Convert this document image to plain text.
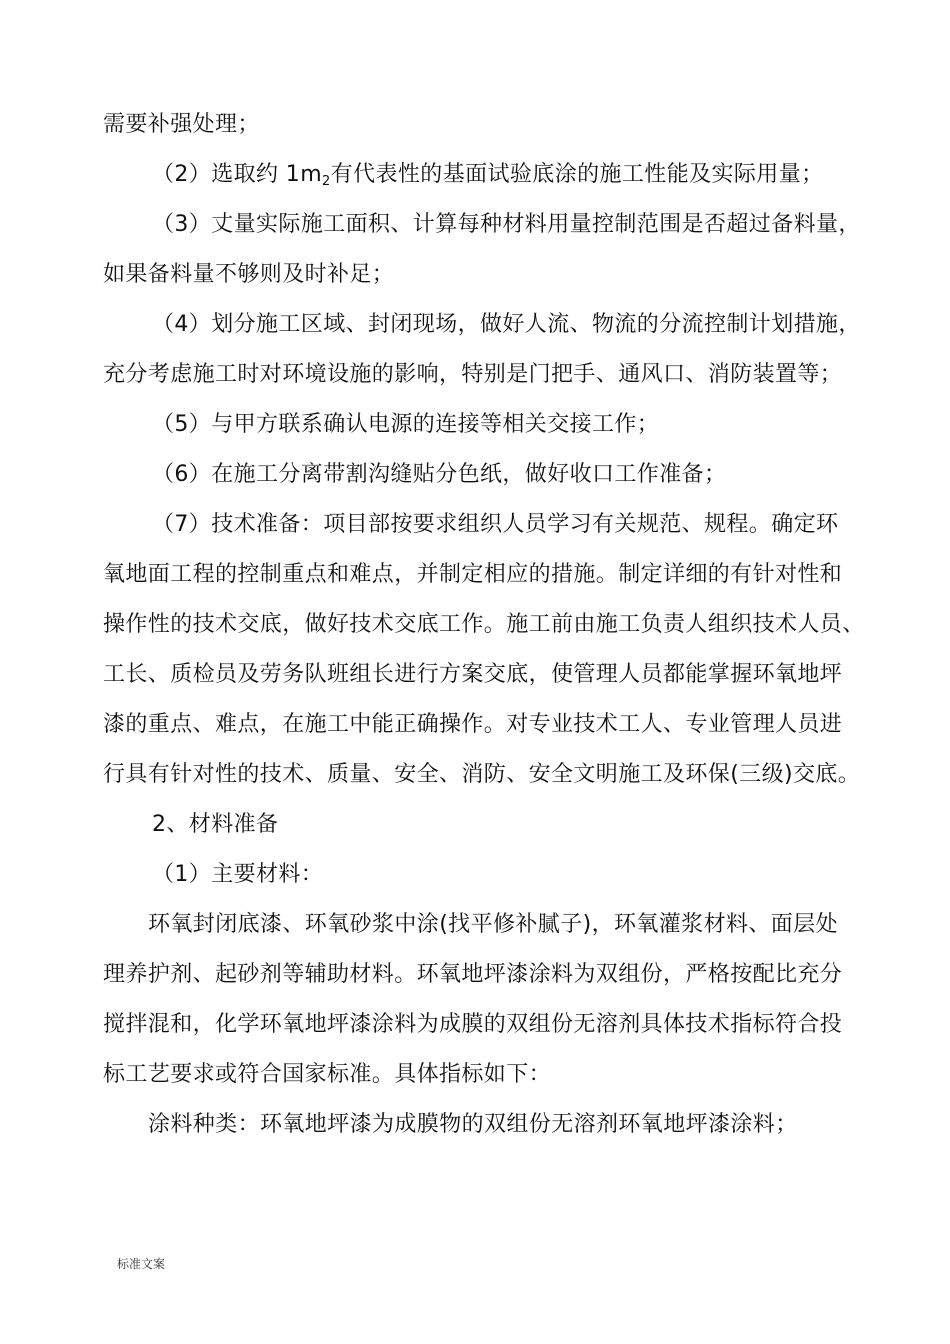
需要补强处理；
（2）选取约 $1m_2$有代表性的基面试验底涂的施工性能及实际用量；
（3）丈量实际施工面积、计算每种材料用量控制范围是否超过备料量，
如果备料量不够则及时补足；
（4）划分施工区域、封闭现场，做好人流、物流的分流控制计划措施，
充分考虑施工时对环境设施的影响，特别是门把手、通风口、消防装置等；
（5）与甲方联系确认电源的连接等相关交接工作；
（6）在施工分离带割沟缝贴分色纸，做好收口工作准备；
（7）技术准备：项目部按要求组织人员学习有关规范、规程。确定环
氧地面工程的控制重点和难点，并制定相应的措施。制定详细的有针对性和
操作性的技术交底，做好技术交底工作。施工前由施工负责人组织技术人员、
工长、质检员及劳务队班组长进行方案交底，使管理人员都能掌握环氧地坪
漆的重点、难点，在施工中能正确操作。对专业技术工人、专业管理人员进
行具有针对性的技术、质量、安全、消防、安全文明施工及环保(三级)交底。
2、材料准备
（1）主要材料：
环氧封闭底漆、环氧砂浆中涂(找平修补腻子)，环氧灌浆材料、面层处
理养护剂、起砂剂等辅助材料。环氧地坪漆涂料为双组份，严格按配比充分
搅拌混和，化学环氧地坪漆涂料为成膜的双组份无溶剂具体技术指标符合投
标工艺要求或符合国家标准。具体指标如下：
涂料种类：环氧地坪漆为成膜物的双组份无溶剂环氧地坪漆涂料；
标准文案
